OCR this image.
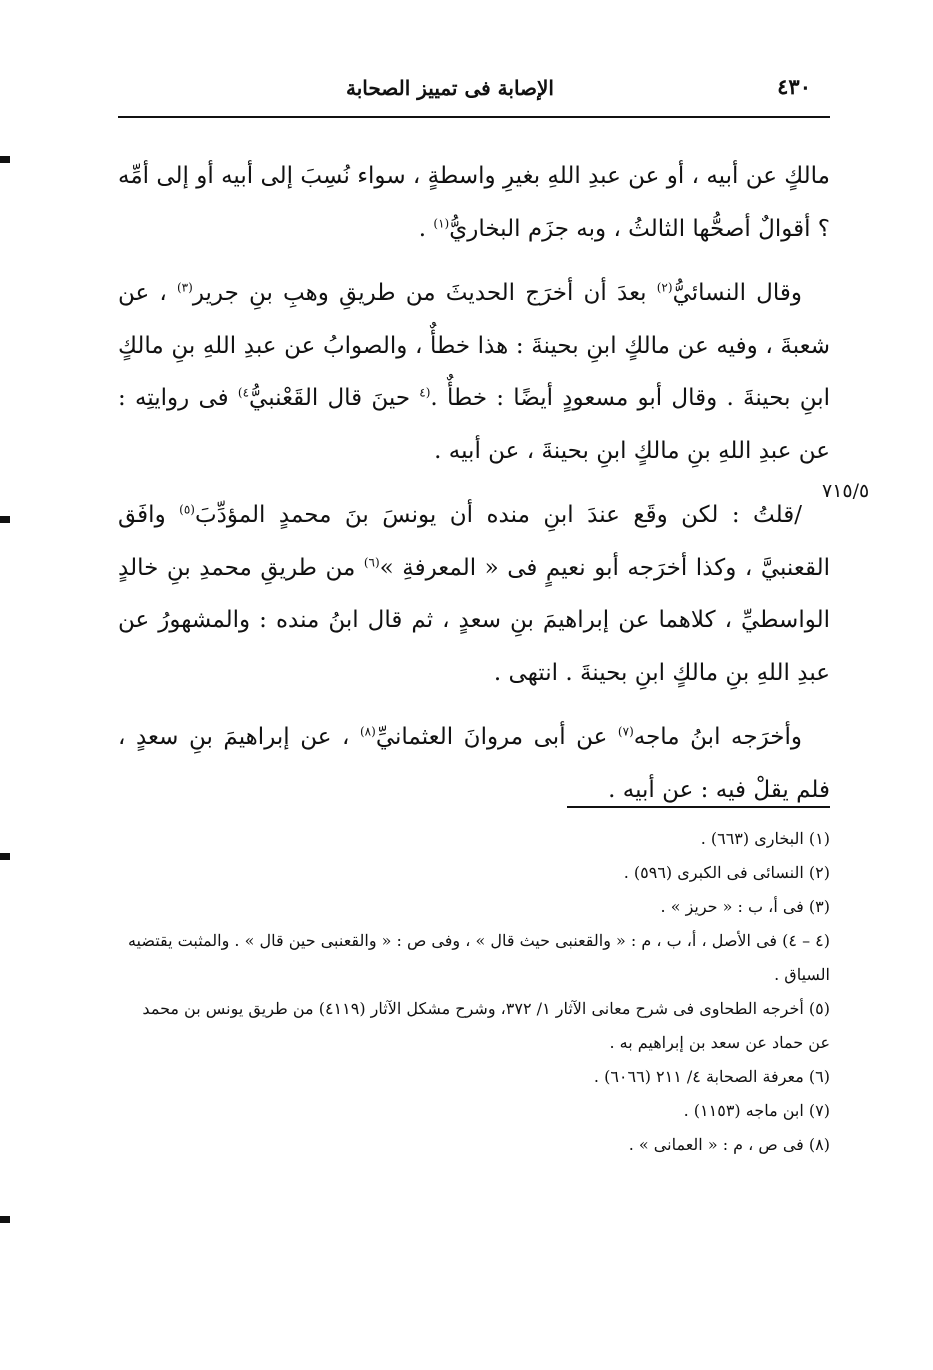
٤٣٠
الإصابة فى تمييز الصحابة
٧١٥/٥

مالكٍ عن أبيه ، أو عن عبدِ اللهِ بغيرِ واسطةٍ ، سواء نُسِبَ إلى أبيه أو إلى أمِّه ؟ أقوالٌ أصحُّها الثالثُ ، وبه جزَم البخاريُّ$^{(١)}$ .

وقال النسائيُّ$^{(٢)}$ بعدَ أن أخرَج الحديثَ من طريقِ وهبِ بنِ جرير$^{(٣)}$ ، عن شعبةَ ، وفيه عن مالكٍ ابنِ بحينةَ : هذا خطأٌ ، والصوابُ عن عبدِ اللهِ بنِ مالكٍ ابنِ بحينةَ . وقال أبو مسعودٍ أيضًا : خطأٌ .$^{(٤}$ حينَ قال القَعْنبيُّ$^{٤)}$ فى روايتِه : عن عبدِ اللهِ بنِ مالكٍ ابنِ بحينةَ ، عن أبيه .

/قلتُ : لكن وقَع عندَ ابنِ منده أن يونسَ بنَ محمدٍ المؤدِّبَ$^{(٥)}$ وافَق القعنبيَّ ، وكذا أخرَجه أبو نعيمٍ فى « المعرفةِ »$^{(٦)}$ من طريقِ محمدِ بنِ خالدٍ الواسطيِّ ، كلاهما عن إبراهيمَ بنِ سعدٍ ، ثم قال ابنُ منده : والمشهورُ عن عبدِ اللهِ بنِ مالكٍ ابنِ بحينةَ . انتهى .

وأخرَجه ابنُ ماجه$^{(٧)}$ عن أبى مروانَ العثمانيِّ$^{(٨)}$ ، عن إبراهيمَ بنِ سعدٍ ، فلم يقلْ فيه : عن أبيه .

(١) البخارى (٦٦٣) .

(٢) النسائى فى الكبرى (٥٩٦) .

(٣) فى أ، ب : « حريز » .

(٤ – ٤) فى الأصل ، أ، ب ، م : « والقعنبى حيث قال » ، وفى ص : « والقعنبى حين قال » . والمثبت يقتضيه السياق .

(٥) أخرجه الطحاوى فى شرح معانى الآثار ١/ ٣٧٢، وشرح مشكل الآثار (٤١١٩) من طريق يونس بن محمد عن حماد عن سعد بن إبراهيم به .

(٦) معرفة الصحابة ٤/ ٢١١ (٦٠٦٦) .

(٧) ابن ماجه (١١٥٣) .

(٨) فى ص ، م : « العمانى » .
